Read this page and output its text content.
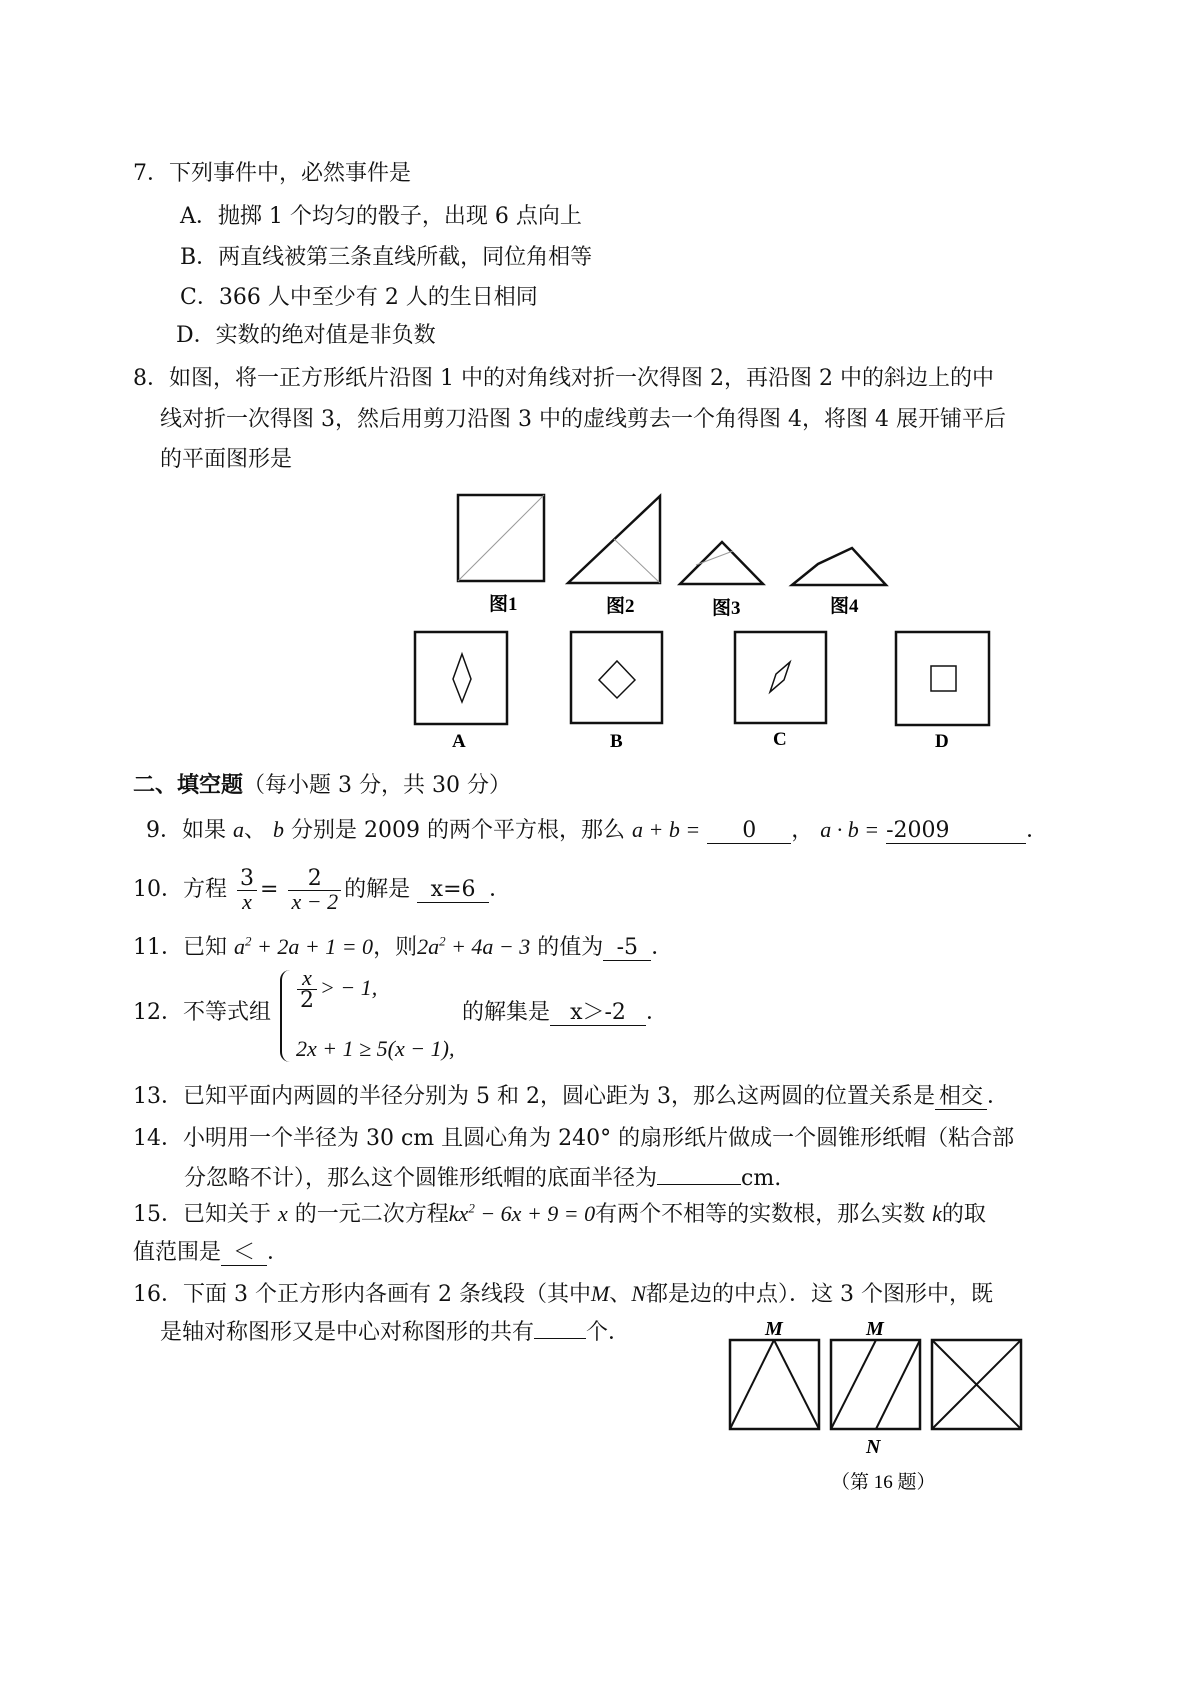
7．下列事件中，必然事件是
A．抛掷 1 个均匀的骰子，出现 6 点向上
B．两直线被第三条直线所截，同位角相等
C．366 人中至少有 2 人的生日相同
D．实数的绝对值是非负数
8．如图，将一正方形纸片沿图 1 中的对角线对折一次得图 2，再沿图 2 中的斜边上的中
线对折一次得图 3，然后用剪刀沿图 3 中的虚线剪去一个角得图 4，将图 4 展开铺平后
的平面图形是
图1	图2	图3	图4
A	B	C	D
M	M
N
（第 16 题）
二、填空题（每小题 3 分，共 30 分）
9．如果 a、 b 分别是 2009 的两个平方根，那么 a + b = 0 ， a · b = -2009	．
10．方程 $\frac{3}{x} = \frac{2}{x - 2}$ 的解是 x=6 ．
11．已知 $a^2 + 2a + 1 = 0$，则$2a^2 + 4a - 3$ 的值为 -5 ．
12．不等式组
$\frac{x}{2}$ > − 1,
2x + 1 ≥ 5(x − 1),
的解集是 x＞-2 ．
13．已知平面内两圆的半径分别为 5 和 2，圆心距为 3，那么这两圆的位置关系是 相交 ．
14．小明用一个半径为 30 cm 且圆心角为 240° 的扇形纸片做成一个圆锥形纸帽（粘合部
分忽略不计），那么这个圆锥形纸帽的底面半径为	cm.
15．已知关于 x 的一元二次方程$kx^2 - 6x + 9 = 0$有两个不相等的实数根，那么实数 k的取
值范围是 ＜ ．
16．下面 3 个正方形内各画有 2 条线段（其中M、N都是边的中点）．这 3 个图形中，既
是轴对称图形又是中心对称图形的共有 个．
